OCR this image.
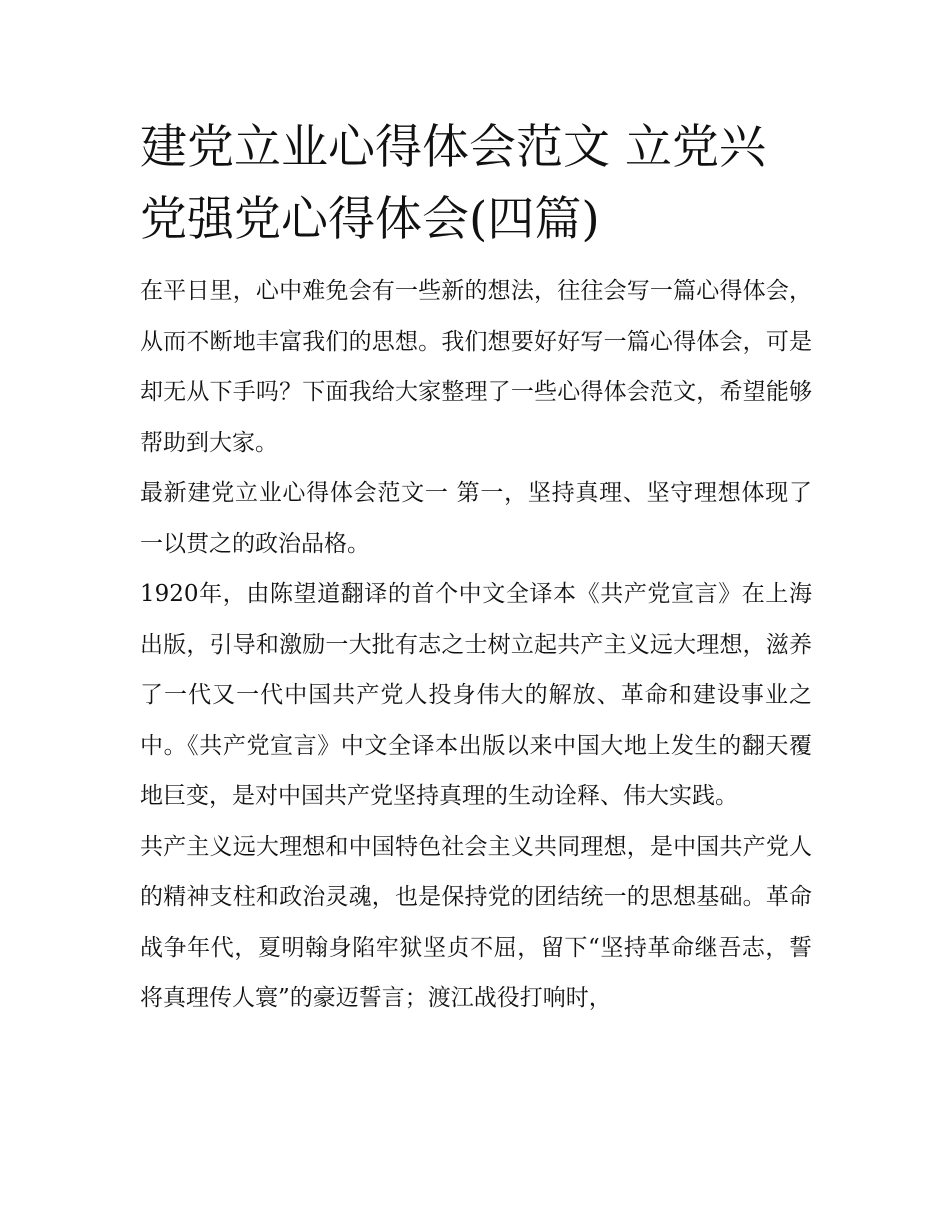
建党立业心得体会范文 立党兴党强党心得体会(四篇)

在平日里，心中难免会有一些新的想法，往往会写一篇心得体会，从而不断地丰富我们的思想。我们想要好好写一篇心得体会，可是却无从下手吗？下面我给大家整理了一些心得体会范文，希望能够帮助到大家。

最新建党立业心得体会范文一 第一，坚持真理、坚守理想体现了一以贯之的政治品格。

1920年，由陈望道翻译的首个中文全译本《共产党宣言》在上海出版，引导和激励一大批有志之士树立起共产主义远大理想，滋养了一代又一代中国共产党人投身伟大的解放、革命和建设事业之中。《共产党宣言》中文全译本出版以来中国大地上发生的翻天覆地巨变，是对中国共产党坚持真理的生动诠释、伟大实践。

共产主义远大理想和中国特色社会主义共同理想，是中国共产党人的精神支柱和政治灵魂，也是保持党的团结统一的思想基础。革命战争年代，夏明翰身陷牢狱坚贞不屈，留下“坚持革命继吾志，誓将真理传人寰”的豪迈誓言；渡江战役打响时，
